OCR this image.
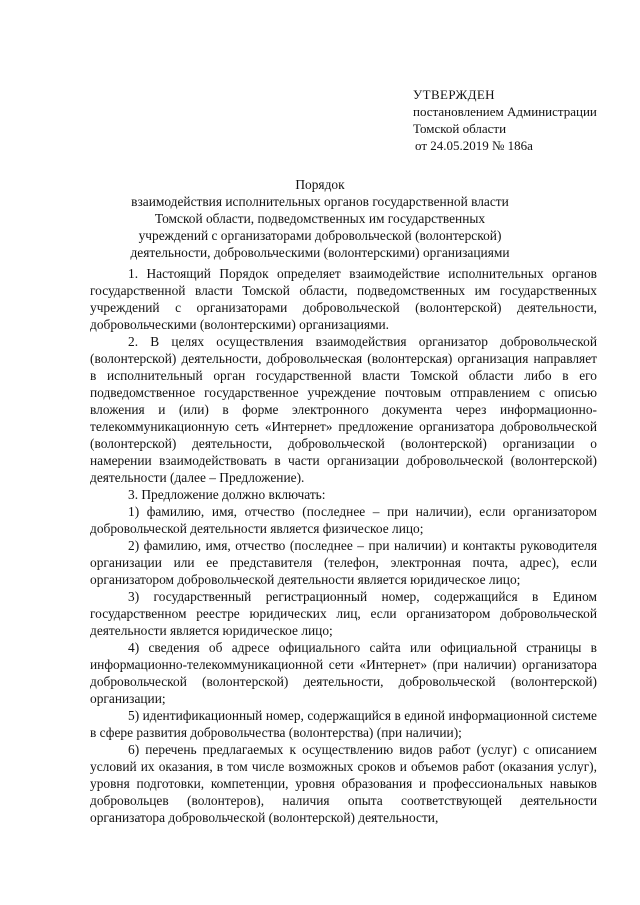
УТВЕРЖДЕН
постановлением Администрации
Томской области
от 24.05.2019 № 186а
Порядок
взаимодействия исполнительных органов государственной власти
Томской области, подведомственных им государственных
учреждений с организаторами добровольческой (волонтерской)
деятельности, добровольческими (волонтерскими) организациями

1. Настоящий Порядок определяет взаимодействие исполнительных органов государственной власти Томской области, подведомственных им государственных учреждений с организаторами добровольческой (волонтерской) деятельности, добровольческими (волонтерскими) организациями.

2. В целях осуществления взаимодействия организатор добровольческой (волонтерской) деятельности, добровольческая (волонтерская) организация направляет в исполнительный орган государственной власти Томской области либо в его подведомственное государственное учреждение почтовым отправлением с описью вложения и (или) в форме электронного документа через информационно-телекоммуникационную сеть «Интернет» предложение организатора добровольческой (волонтерской) деятельности, добровольческой (волонтерской) организации о намерении взаимодействовать в части организации добровольческой (волонтерской) деятельности (далее – Предложение).

3. Предложение должно включать:

1) фамилию, имя, отчество (последнее – при наличии), если организатором добровольческой деятельности является физическое лицо;

2) фамилию, имя, отчество (последнее – при наличии) и контакты руководителя организации или ее представителя (телефон, электронная почта, адрес), если организатором добровольческой деятельности является юридическое лицо;

3) государственный регистрационный номер, содержащийся в Едином государственном реестре юридических лиц, если организатором добровольческой деятельности является юридическое лицо;

4) сведения об адресе официального сайта или официальной страницы в информационно-телекоммуникационной сети «Интернет» (при наличии) организатора добровольческой (волонтерской) деятельности, добровольческой (волонтерской) организации;

5) идентификационный номер, содержащийся в единой информационной системе в сфере развития добровольчества (волонтерства) (при наличии);

6) перечень предлагаемых к осуществлению видов работ (услуг) с описанием условий их оказания, в том числе возможных сроков и объемов работ (оказания услуг), уровня подготовки, компетенции, уровня образования и профессиональных навыков добровольцев (волонтеров), наличия опыта соответствующей деятельности организатора добровольческой (волонтерской) деятельности,
